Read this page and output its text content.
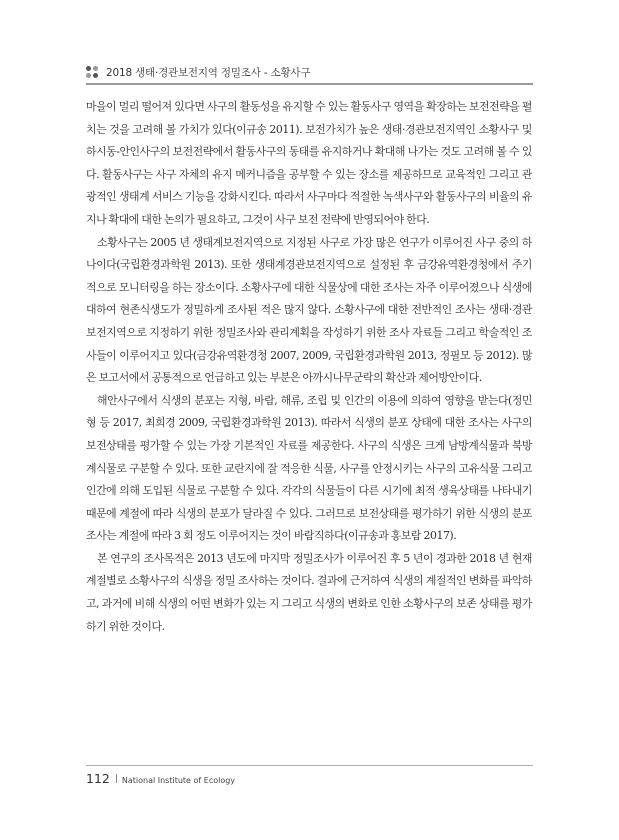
2018 생태·경관보전지역 정밀조사 - 소황사구

마을이 멀리 떨어져 있다면 사구의 활동성을 유지할 수 있는 활동사구 영역을 확장하는 보전전략을 펼치는 것을 고려해 볼 가치가 있다(이규송 2011). 보전가치가 높은 생태·경관보전지역인 소황사구 및 하시동-안인사구의 보전전략에서 활동사구의 동태를 유지하거나 확대해 나가는 것도 고려해 볼 수 있다. 활동사구는 사구 자체의 유지 메커니즘을 공부할 수 있는 장소를 제공하므로 교육적인 그리고 관광적인 생태계 서비스 기능을 강화시킨다. 따라서 사구마다 적절한 녹색사구와 활동사구의 비율의 유지나 확대에 대한 논의가 필요하고, 그것이 사구 보전 전략에 반영되어야 한다.

소황사구는 2005 년 생태계보전지역으로 지정된 사구로 가장 많은 연구가 이루어진 사구 중의 하나이다(국립환경과학원 2013). 또한 생태계경관보전지역으로 설정된 후 금강유역환경청에서 주기적으로 모니터링을 하는 장소이다. 소황사구에 대한 식물상에 대한 조사는 자주 이루어졌으나 식생에 대하여 현존식생도가 정밀하게 조사된 적은 많지 않다. 소황사구에 대한 전반적인 조사는 생태·경관보전지역으로 지정하기 위한 정밀조사와 관리계획을 작성하기 위한 조사 자료들 그리고 학술적인 조사들이 이루어지고 있다(금강유역환경청 2007, 2009, 국립환경과학원 2013, 정필모 등 2012). 많은 보고서에서 공통적으로 언급하고 있는 부분은 아까시나무군락의 확산과 제어방안이다.

해안사구에서 식생의 분포는 지형, 바람, 해류, 조립 및 인간의 이용에 의하여 영향을 받는다(정민형 등 2017, 최희경 2009, 국립환경과학원 2013). 따라서 식생의 분포 상태에 대한 조사는 사구의 보전상태를 평가할 수 있는 가장 기본적인 자료를 제공한다. 사구의 식생은 크게 남방계식물과 북방계식물로 구분할 수 있다. 또한 교란지에 잘 적응한 식물, 사구를 안정시키는 사구의 고유식물 그리고 인간에 의해 도입된 식물로 구분할 수 있다. 각각의 식물들이 다른 시기에 최적 생육상태를 나타내기 때문에 계절에 따라 식생의 분포가 달라질 수 있다. 그러므로 보전상태를 평가하기 위한 식생의 분포 조사는 계절에 따라 3 회 정도 이루어지는 것이 바람직하다(이규송과 홍보람 2017).

본 연구의 조사목적은 2013 년도에 마지막 정밀조사가 이루어진 후 5 년이 경과한 2018 년 현재 계절별로 소황사구의 식생을 정밀 조사하는 것이다. 결과에 근거하여 식생의 계절적인 변화를 파악하고, 과거에 비해 식생의 어떤 변화가 있는 지 그리고 식생의 변화로 인한 소황사구의 보존 상태를 평가하기 위한 것이다.

112 National Institute of Ecology
